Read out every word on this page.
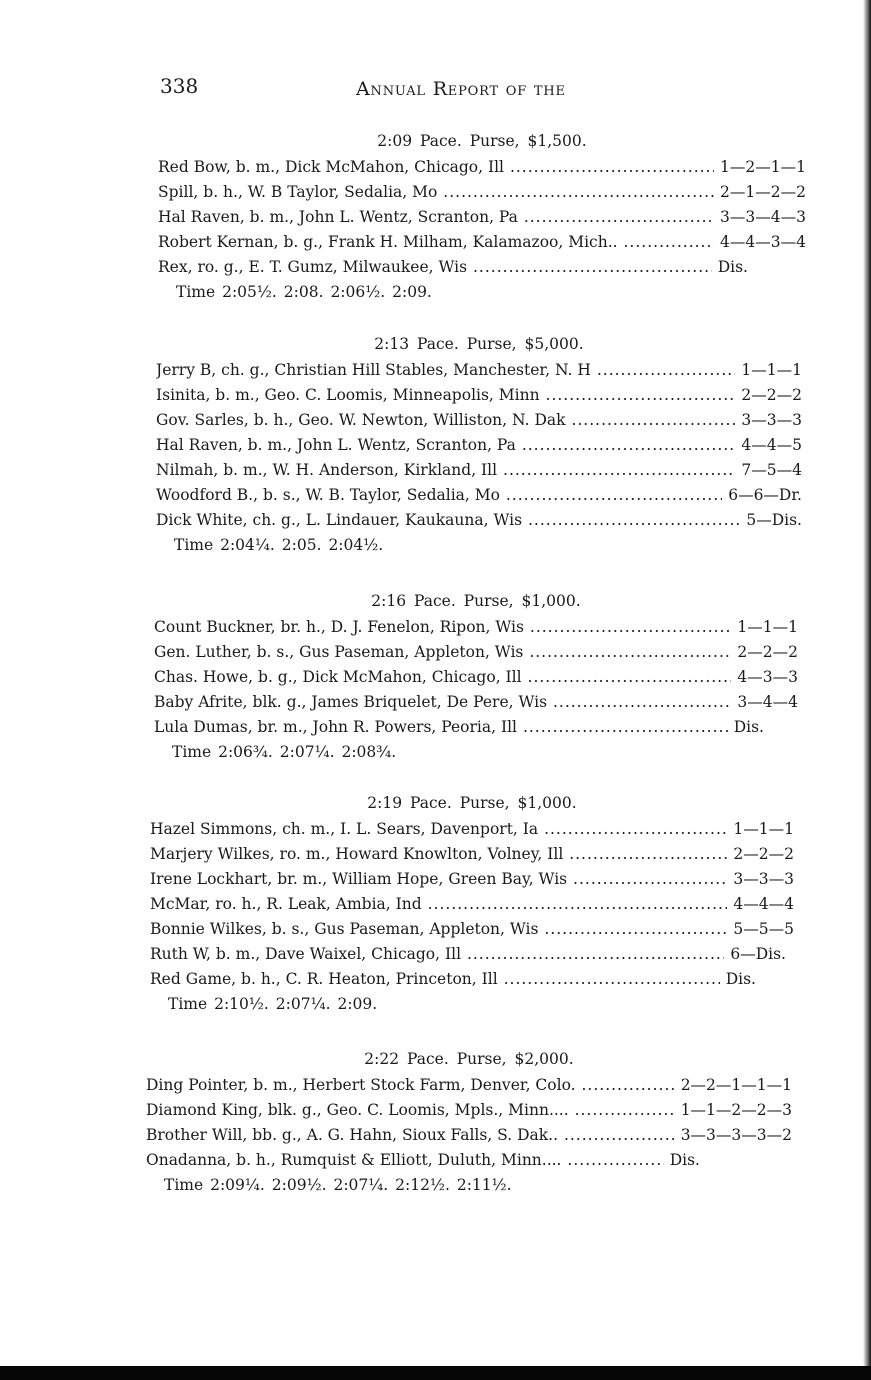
338	Annual Report of the
2:09 Pace. Purse, $1,500.
Red Bow, b. m., Dick McMahon, Chicago, Ill .....	1—2—1—1
Spill, b. h., W. B Taylor, Sedalia, Mo .....	2—1—2—2
Hal Raven, b. m., John L. Wentz, Scranton, Pa .....	3—3—4—3
Robert Kernan, b. g., Frank H. Milham, Kalamazoo, Mich.. .....	4—4—3—4
Rex, ro. g., E. T. Gumz, Milwaukee, Wis .....	Dis.
Time 2:05½. 2:08. 2:06½. 2:09.
2:13 Pace. Purse, $5,000.
Jerry B, ch. g., Christian Hill Stables, Manchester, N. H .....	1—1—1
Isinita, b. m., Geo. C. Loomis, Minneapolis, Minn .....	2—2—2
Gov. Sarles, b. h., Geo. W. Newton, Williston, N. Dak .....	3—3—3
Hal Raven, b. m., John L. Wentz, Scranton, Pa .....	4—4—5
Nilmah, b. m., W. H. Anderson, Kirkland, Ill .....	7—5—4
Woodford B., b. s., W. B. Taylor, Sedalia, Mo .....	6—6—Dr.
Dick White, ch. g., L. Lindauer, Kaukauna, Wis .....	5—Dis.
Time 2:04¼. 2:05. 2:04½.
2:16 Pace. Purse, $1,000.
Count Buckner, br. h., D. J. Fenelon, Ripon, Wis .....	1—1—1
Gen. Luther, b. s., Gus Paseman, Appleton, Wis .....	2—2—2
Chas. Howe, b. g., Dick McMahon, Chicago, Ill .....	4—3—3
Baby Afrite, blk. g., James Briquelet, De Pere, Wis .....	3—4—4
Lula Dumas, br. m., John R. Powers, Peoria, Ill .....	Dis.
Time 2:06¾. 2:07¼. 2:08¾.
2:19 Pace. Purse, $1,000.
Hazel Simmons, ch. m., I. L. Sears, Davenport, Ia .....	1—1—1
Marjery Wilkes, ro. m., Howard Knowlton, Volney, Ill .....	2—2—2
Irene Lockhart, br. m., William Hope, Green Bay, Wis .....	3—3—3
McMar, ro. h., R. Leak, Ambia, Ind .....	4—4—4
Bonnie Wilkes, b. s., Gus Paseman, Appleton, Wis .....	5—5—5
Ruth W, b. m., Dave Waixel, Chicago, Ill .....	6—Dis.
Red Game, b. h., C. R. Heaton, Princeton, Ill .....	Dis.
Time 2:10½. 2:07¼. 2:09.
2:22 Pace. Purse, $2,000.
Ding Pointer, b. m., Herbert Stock Farm, Denver, Colo. .....	2—2—1—1—1
Diamond King, blk. g., Geo. C. Loomis, Mpls., Minn.... .....	1—1—2—2—3
Brother Will, bb. g., A. G. Hahn, Sioux Falls, S. Dak.. .....	3—3—3—3—2
Onadanna, b. h., Rumquist & Elliott, Duluth, Minn.... .....	Dis.
Time 2:09¼. 2:09½. 2:07¼. 2:12½. 2:11½.
